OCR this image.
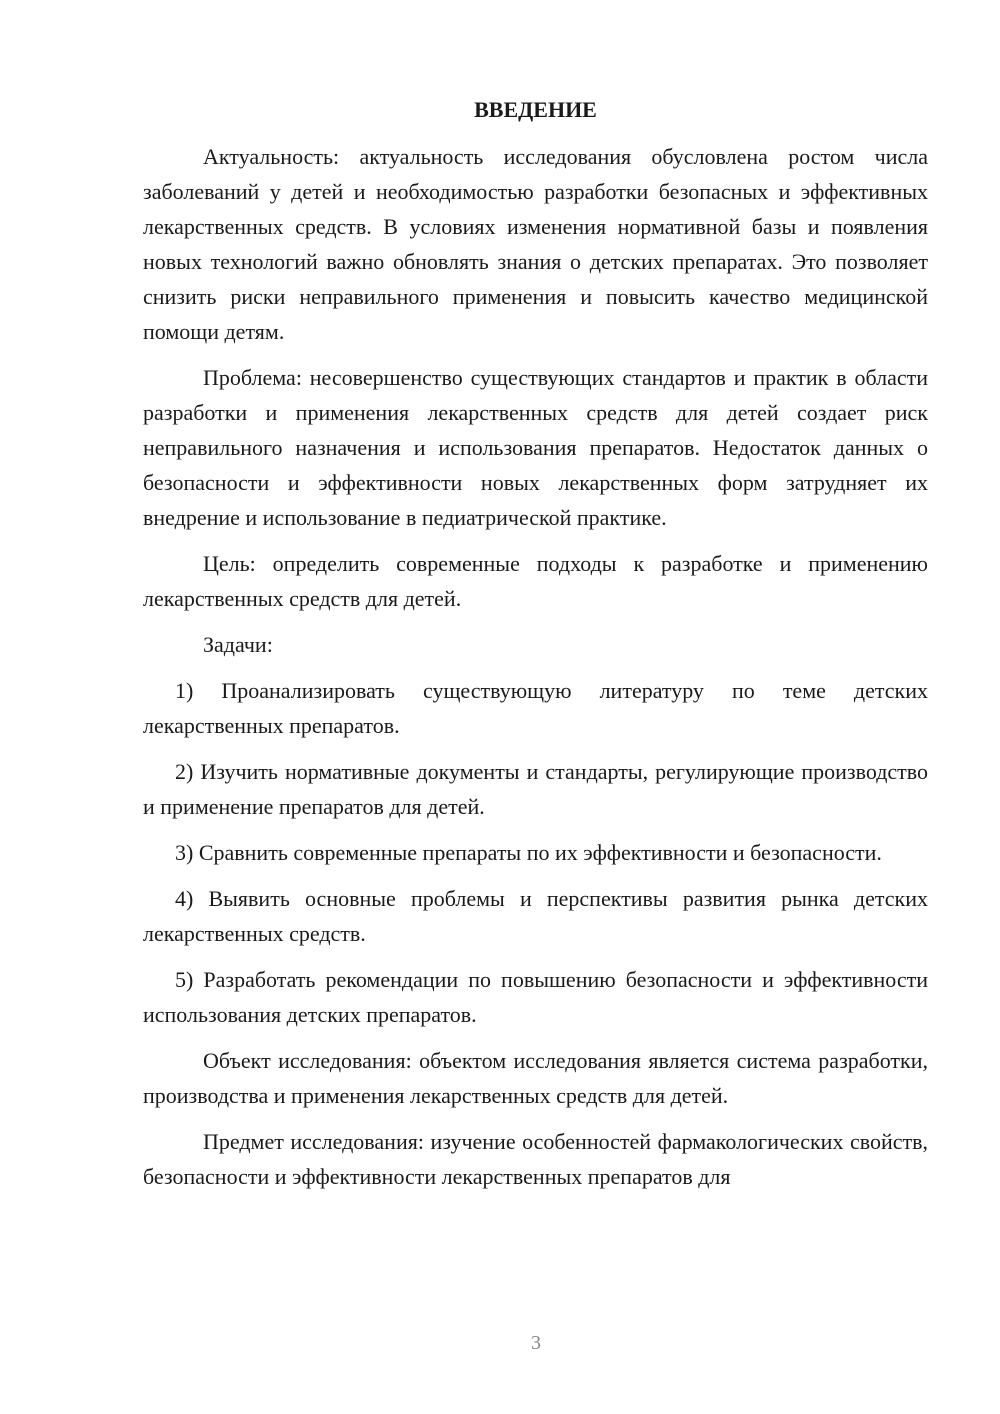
ВВЕДЕНИЕ

Актуальность: актуальность исследования обусловлена ростом числа заболеваний у детей и необходимостью разработки безопасных и эффективных лекарственных средств. В условиях изменения нормативной базы и появления новых технологий важно обновлять знания о детских препаратах. Это позволяет снизить риски неправильного применения и повысить качество медицинской помощи детям.

Проблема: несовершенство существующих стандартов и практик в области разработки и применения лекарственных средств для детей создает риск неправильного назначения и использования препаратов. Недостаток данных о безопасности и эффективности новых лекарственных форм затрудняет их внедрение и использование в педиатрической практике.

Цель: определить современные подходы к разработке и применению лекарственных средств для детей.

Задачи:

1) Проанализировать существующую литературу по теме детских лекарственных препаратов.

2) Изучить нормативные документы и стандарты, регулирующие производство и применение препаратов для детей.

3) Сравнить современные препараты по их эффективности и безопасности.

4) Выявить основные проблемы и перспективы развития рынка детских лекарственных средств.

5) Разработать рекомендации по повышению безопасности и эффективности использования детских препаратов.

Объект исследования: объектом исследования является система разработки, производства и применения лекарственных средств для детей.

Предмет исследования: изучение особенностей фармакологических свойств, безопасности и эффективности лекарственных препаратов для

3
